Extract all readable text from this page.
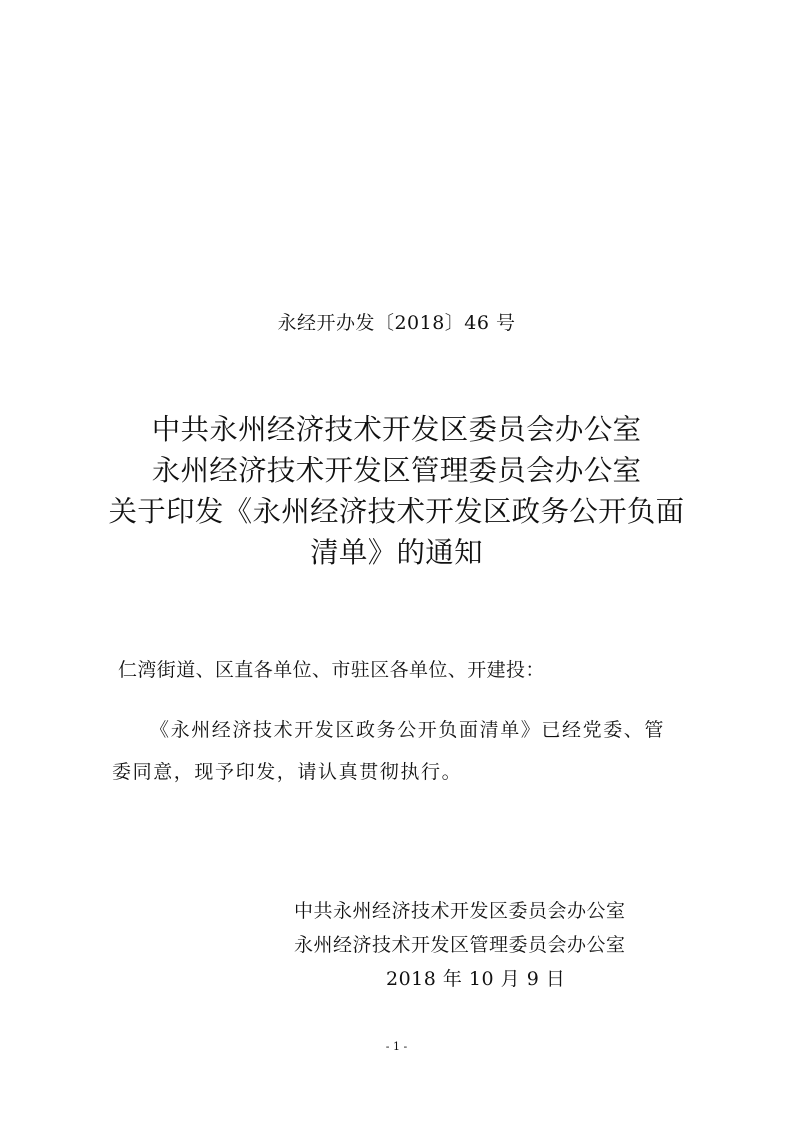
永经开办发〔2018〕46 号
中共永州经济技术开发区委员会办公室
永州经济技术开发区管理委员会办公室
关于印发《永州经济技术开发区政务公开负面
清单》的通知
仁湾街道、区直各单位、市驻区各单位、开建投：
《永州经济技术开发区政务公开负面清单》已经党委、管
委同意，现予印发，请认真贯彻执行。
中共永州经济技术开发区委员会办公室
永州经济技术开发区管理委员会办公室
2018 年 10 月 9 日
- 1 -
